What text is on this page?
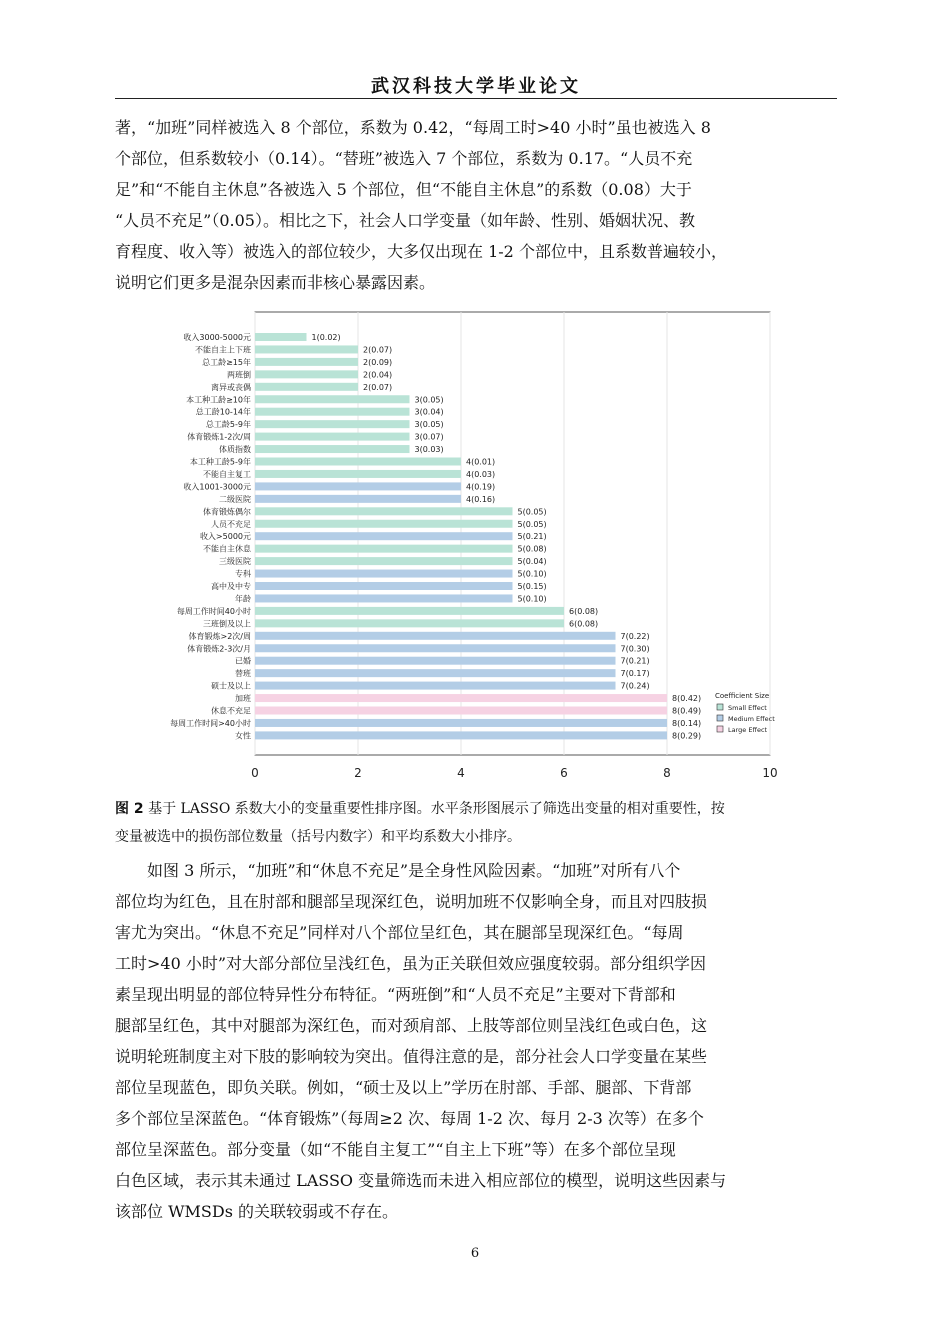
武汉科技大学毕业论文
著，“加班”同样被选入 8 个部位，系数为 0.42，“每周工时>40 小时”虽也被选入 8
个部位，但系数较小（0.14）。“替班”被选入 7 个部位，系数为 0.17。“人员不充
足”和“不能自主休息”各被选入 5 个部位，但“不能自主休息”的系数（0.08）大于
“人员不充足”（0.05）。相比之下，社会人口学变量（如年龄、性别、婚姻状况、教
育程度、收入等）被选入的部位较少，大多仅出现在 1-2 个部位中，且系数普遍较小，
说明它们更多是混杂因素而非核心暴露因素。
0	2	4	6	8	10
收入3000-5000元	1(0.02)
不能自主上下班	2(0.07)
总工龄≥15年	2(0.09)
两班倒	2(0.04)
离异或丧偶	2(0.07)
本工种工龄≥10年	3(0.05)
总工龄10-14年	3(0.04)
总工龄5-9年	3(0.05)
体育锻炼1-2次/周	3(0.07)
体质指数	3(0.03)
本工种工龄5-9年	4(0.01)
不能自主复工	4(0.03)
收入1001-3000元	4(0.19)
二级医院	4(0.16)
体育锻炼偶尔	5(0.05)
人员不充足	5(0.05)
收入>5000元	5(0.21)
不能自主休息	5(0.08)
三级医院	5(0.04)
专科	5(0.10)
高中及中专	5(0.15)
年龄	5(0.10)
每周工作时间40小时	6(0.08)
三班倒及以上	6(0.08)
体育锻炼>2次/周	7(0.22)
体育锻炼2-3次/月	7(0.30)
已婚	7(0.21)
替班	7(0.17)
硕士及以上	7(0.24)
加班	8(0.42)
休息不充足	8(0.49)
每周工作时间>40小时	8(0.14)
女性	8(0.29)
Coefficient Size
Small Effect
Medium Effect
Large Effect

图 2 基于 LASSO 系数大小的变量重要性排序图。水平条形图展示了筛选出变量的相对重要性，按
变量被选中的损伤部位数量（括号内数字）和平均系数大小排序。

如图 3 所示，“加班”和“休息不充足”是全身性风险因素。“加班”对所有八个
部位均为红色，且在肘部和腿部呈现深红色，说明加班不仅影响全身，而且对四肢损
害尤为突出。“休息不充足”同样对八个部位呈红色，其在腿部呈现深红色。“每周
工时>40 小时”对大部分部位呈浅红色，虽为正关联但效应强度较弱。部分组织学因
素呈现出明显的部位特异性分布特征。“两班倒”和“人员不充足”主要对下背部和
腿部呈红色，其中对腿部为深红色，而对颈肩部、上肢等部位则呈浅红色或白色，这
说明轮班制度主对下肢的影响较为突出。值得注意的是，部分社会人口学变量在某些
部位呈现蓝色，即负关联。例如，“硕士及以上”学历在肘部、手部、腿部、下背部
多个部位呈深蓝色。“体育锻炼”（每周≥2 次、每周 1-2 次、每月 2-3 次等）在多个
部位呈深蓝色。部分变量（如“不能自主复工”“自主上下班”等）在多个部位呈现
白色区域，表示其未通过 LASSO 变量筛选而未进入相应部位的模型，说明这些因素与
该部位 WMSDs 的关联较弱或不存在。
6
